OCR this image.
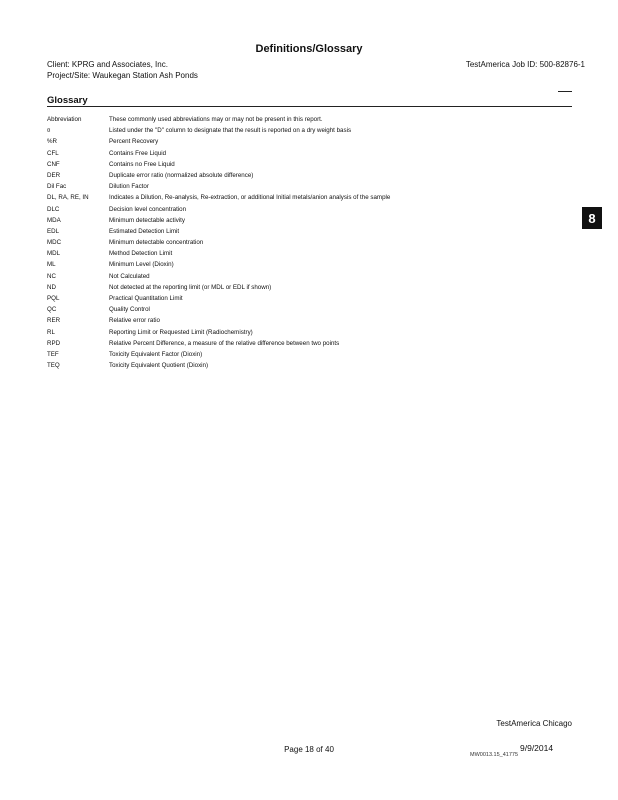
Definitions/Glossary
Client: KPRG and Associates, Inc.	TestAmerica Job ID: 500-82876-1
Project/Site: Waukegan Station Ash Ponds
Glossary
Abbreviation	These commonly used abbreviations may or may not be present in this report.
¤	Listed under the "D" column to designate that the result is reported on a dry weight basis
%R	Percent Recovery
CFL	Contains Free Liquid
CNF	Contains no Free Liquid
DER	Duplicate error ratio (normalized absolute difference)
Dil Fac	Dilution Factor
DL, RA, RE, IN	Indicates a Dilution, Re-analysis, Re-extraction, or additional Initial metals/anion analysis of the sample
DLC	Decision level concentration
MDA	Minimum detectable activity
EDL	Estimated Detection Limit
MDC	Minimum detectable concentration
MDL	Method Detection Limit
ML	Minimum Level (Dioxin)
NC	Not Calculated
ND	Not detected at the reporting limit (or MDL or EDL if shown)
PQL	Practical Quantitation Limit
QC	Quality Control
RER	Relative error ratio
RL	Reporting Limit or Requested Limit (Radiochemistry)
RPD	Relative Percent Difference, a measure of the relative difference between two points
TEF	Toxicity Equivalent Factor (Dioxin)
TEQ	Toxicity Equivalent Quotient (Dioxin)
8
TestAmerica Chicago
Page 18 of 40	9/9/2014
MW0013.15_41775
